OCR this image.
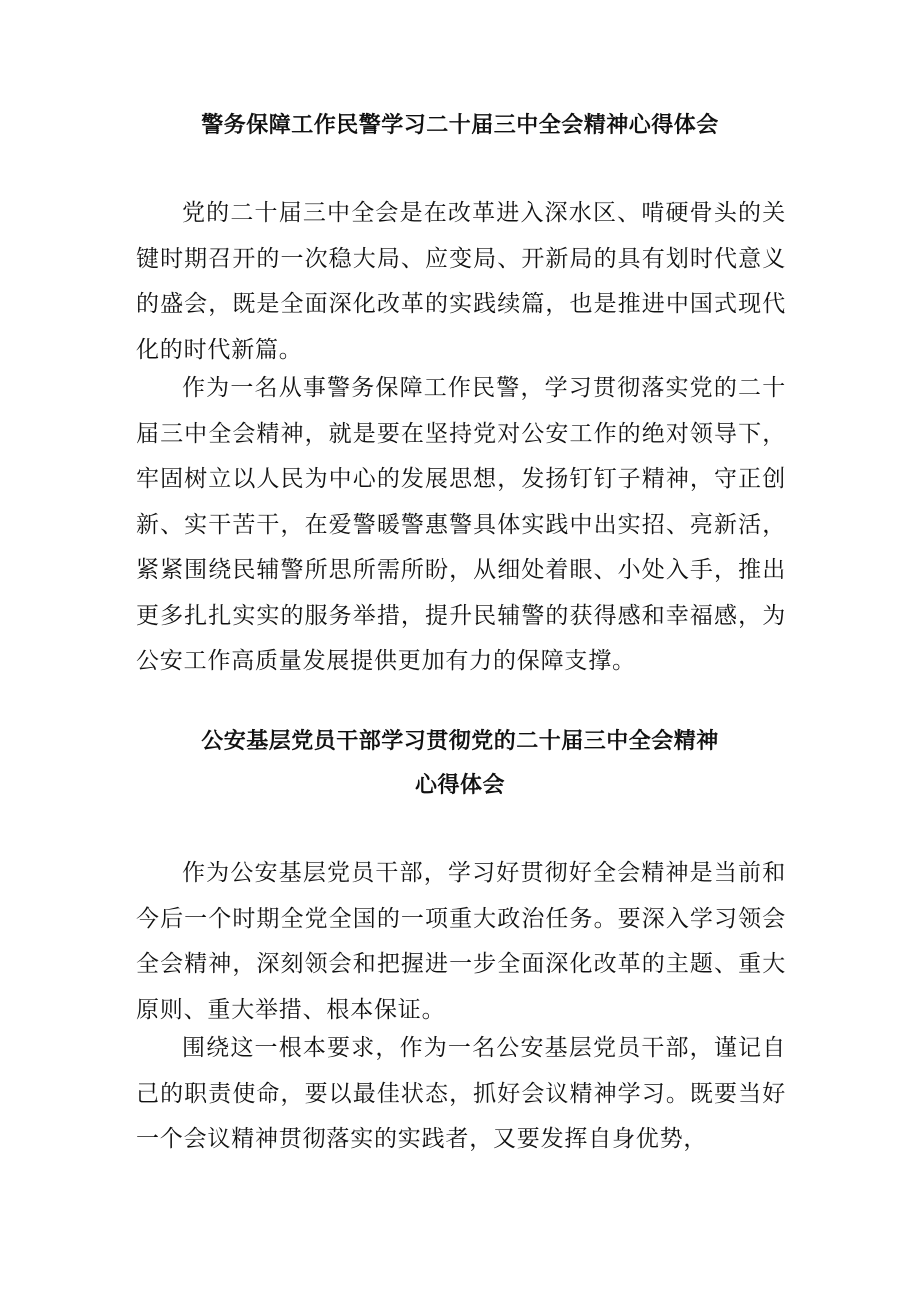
警务保障工作民警学习二十届三中全会精神心得体会

党的二十届三中全会是在改革进入深水区、啃硬骨头的关键时期召开的一次稳大局、应变局、开新局的具有划时代意义的盛会，既是全面深化改革的实践续篇，也是推进中国式现代化的时代新篇。

作为一名从事警务保障工作民警，学习贯彻落实党的二十届三中全会精神，就是要在坚持党对公安工作的绝对领导下，牢固树立以人民为中心的发展思想，发扬钉钉子精神，守正创新、实干苦干，在爱警暖警惠警具体实践中出实招、亮新活，紧紧围绕民辅警所思所需所盼，从细处着眼、小处入手，推出更多扎扎实实的服务举措，提升民辅警的获得感和幸福感，为公安工作高质量发展提供更加有力的保障支撑。

公安基层党员干部学习贯彻党的二十届三中全会精神
心得体会

作为公安基层党员干部，学习好贯彻好全会精神是当前和今后一个时期全党全国的一项重大政治任务。要深入学习领会全会精神，深刻领会和把握进一步全面深化改革的主题、重大原则、重大举措、根本保证。

围绕这一根本要求，作为一名公安基层党员干部，谨记自己的职责使命，要以最佳状态，抓好会议精神学习。既要当好一个会议精神贯彻落实的实践者，又要发挥自身优势，
